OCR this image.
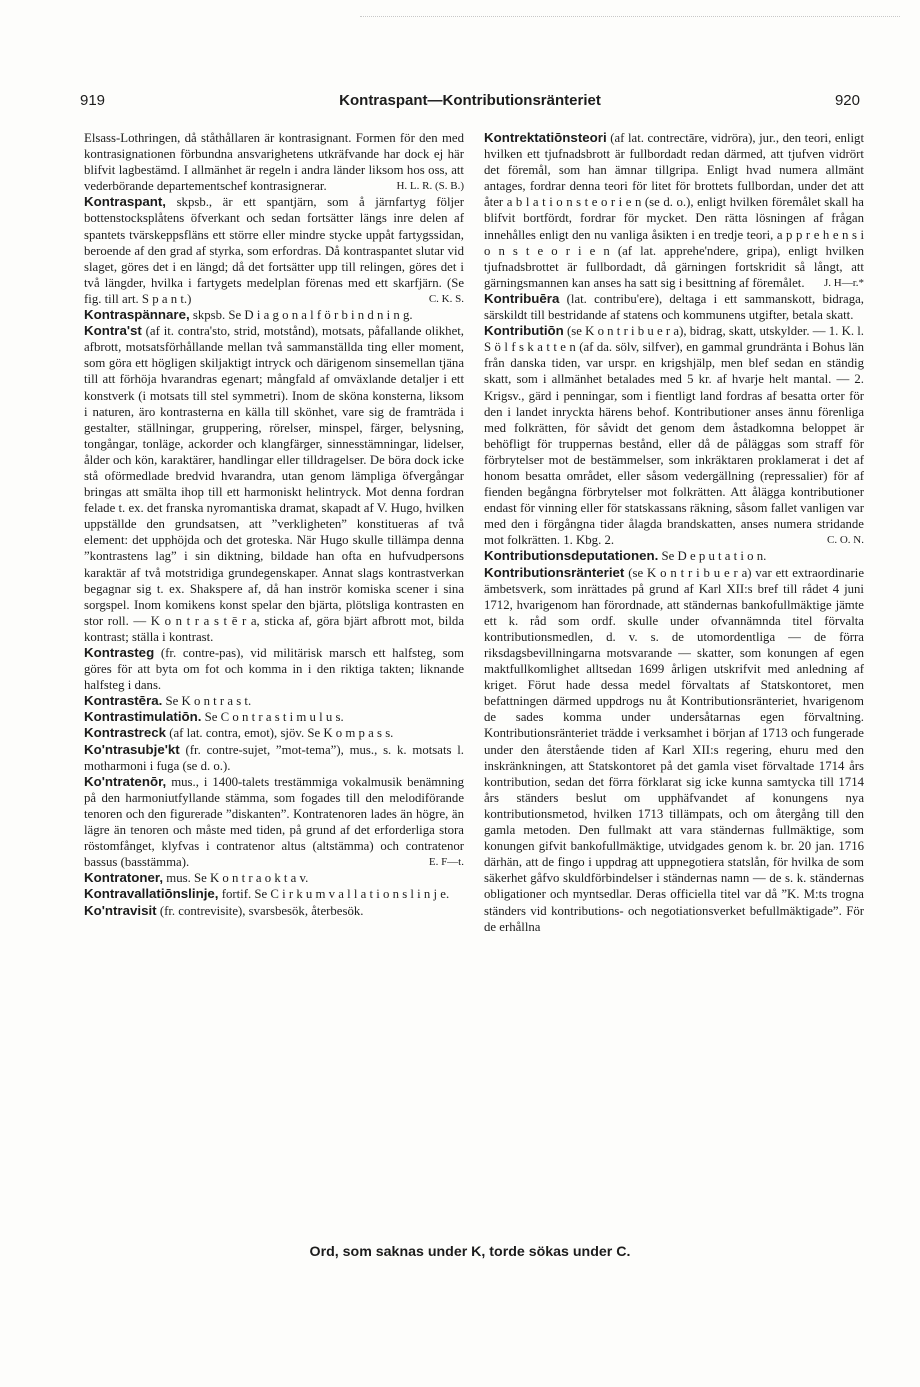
919	Kontraspant—Kontributionsränteriet	920

Elsass-Lothringen, då ståthållaren är kontrasignant. Formen för den med kontrasignationen förbundna ansvarighetens utkräfvande har dock ej här blifvit lagbestämd. I allmänhet är regeln i andra länder liksom hos oss, att vederbörande departementschef kontrasignerar.	H. L. R. (S. B.)

Kontraspant, skpsb., är ett spantjärn, som å järnfartyg följer bottenstocksplåtens öfverkant och sedan fortsätter längs inre delen af spantets tvärskeppsfläns ett större eller mindre stycke uppåt fartygssidan, beroende af den grad af styrka, som erfordras. Då kontraspantet slutar vid slaget, göres det i en längd; då det fortsätter upp till relingen, göres det i två längder, hvilka i fartygets medelplan förenas med ett skarfjärn. (Se fig. till art. S p a n t.)	C. K. S.

Kontraspännare, skpsb. Se D i a g o n a l f ö r b i n d n i n g.

Kontra'st (af it. contra'sto, strid, motstånd), motsats, påfallande olikhet, afbrott, motsatsförhållande mellan två sammanställda ting eller moment, som göra ett högligen skiljaktigt intryck och därigenom sinsemellan tjäna till att förhöja hvarandras egenart; mångfald af omväxlande detaljer i ett konstverk (i motsats till stel symmetri). Inom de sköna konsterna, liksom i naturen, äro kontrasterna en källa till skönhet, vare sig de framträda i gestalter, ställningar, gruppering, rörelser, minspel, färger, belysning, tongångar, tonläge, ackorder och klangfärger, sinnesstämningar, lidelser, ålder och kön, karaktärer, handlingar eller tilldragelser. De böra dock icke stå oförmedlade bredvid hvarandra, utan genom lämpliga öfvergångar bringas att smälta ihop till ett harmoniskt helintryck. Mot denna fordran felade t. ex. det franska nyromantiska dramat, skapadt af V. Hugo, hvilken uppställde den grundsatsen, att ”verkligheten” konstitueras af två element: det upphöjda och det groteska. När Hugo skulle tillämpa denna ”kontrastens lag” i sin diktning, bildade han ofta en hufvudpersons karaktär af två motstridiga grundegenskaper. Annat slags kontrastverkan begagnar sig t. ex. Shakspere af, då han inströr komiska scener i sina sorgspel. Inom komikens konst spelar den bjärta, plötsliga kontrasten en stor roll. — K o n t r a s t ē r a, sticka af, göra bjärt afbrott mot, bilda kontrast; ställa i kontrast.

Kontrasteg (fr. contre-pas), vid militärisk marsch ett halfsteg, som göres för att byta om fot och komma in i den riktiga takten; liknande halfsteg i dans.

Kontrastēra. Se K o n t r a s t.

Kontrastimulatiōn. Se C o n t r a s t i m u l u s.

Kontrastreck (af lat. contra, emot), sjöv. Se K o m p a s s.

Ko'ntrasubje'kt (fr. contre-sujet, ”mot-tema”), mus., s. k. motsats l. motharmoni i fuga (se d. o.).

Ko'ntratenōr, mus., i 1400-talets trestämmiga vokalmusik benämning på den harmoniutfyllande stämma, som fogades till den melodiförande tenoren och den figurerade ”diskanten”. Kontratenoren lades än högre, än lägre än tenoren och måste med tiden, på grund af det erforderliga stora röstomfånget, klyfvas i contratenor altus (altstämma) och contratenor bassus (basstämma).	E. F—t.

Kontratoner, mus. Se K o n t r a o k t a v.

Kontravallatiōnslinje, fortif. Se C i r k u m v a l l a t i o n s l i n j e.

Ko'ntravisit (fr. contrevisite), svarsbesök, återbesök.

Kontrektatiōnsteori (af lat. contrectāre, vidröra), jur., den teori, enligt hvilken ett tjufnadsbrott är fullbordadt redan därmed, att tjufven vidrört det föremål, som han ämnar tillgripa. Enligt hvad numera allmänt antages, fordrar denna teori för litet för brottets fullbordan, under det att åter a b l a t i o n s t e o r i e n (se d. o.), enligt hvilken föremålet skall ha blifvit bortfördt, fordrar för mycket. Den rätta lösningen af frågan innehålles enligt den nu vanliga åsikten i en tredje teori, a p p r e h e n s i o n s t e o r i e n (af lat. apprehe'ndere, gripa), enligt hvilken tjufnadsbrottet är fullbordadt, då gärningen fortskridit så långt, att gärningsmannen kan anses ha satt sig i besittning af föremålet.	J. H—r.*

Kontribuēra (lat. contribu'ere), deltaga i ett sammanskott, bidraga, särskildt till bestridande af statens och kommunens utgifter, betala skatt.

Kontributiōn (se K o n t r i b u e r a), bidrag, skatt, utskylder. — 1. K. l. S ö l f s k a t t e n (af da. sölv, silfver), en gammal grundränta i Bohus län från danska tiden, var urspr. en krigshjälp, men blef sedan en ständig skatt, som i allmänhet betalades med 5 kr. af hvarje helt mantal. — 2. Krigsv., gärd i penningar, som i fientligt land fordras af besatta orter för den i landet inryckta härens behof. Kontributioner anses ännu förenliga med folkrätten, för såvidt det genom dem åstadkomna beloppet är behöfligt för truppernas bestånd, eller då de påläggas som straff för förbrytelser mot de bestämmelser, som inkräktaren proklamerat i det af honom besatta området, eller såsom vedergällning (repressalier) för af fienden begångna förbrytelser mot folkrätten. Att ålägga kontributioner endast för vinning eller för statskassans räkning, såsom fallet vanligen var med den i förgångna tider ålagda brandskatten, anses numera stridande mot folkrätten. 1. Kbg. 2.	C. O. N.

Kontributionsdeputationen. Se D e p u t a t i o n.

Kontributionsränteriet (se K o n t r i b u e r a) var ett extraordinarie ämbetsverk, som inrättades på grund af Karl XII:s bref till rådet 4 juni 1712, hvarigenom han förordnade, att ständernas bankofullmäktige jämte ett k. råd som ordf. skulle under ofvannämnda titel förvalta kontributionsmedlen, d. v. s. de utomordentliga — de förra riksdagsbevillningarna motsvarande — skatter, som konungen af egen maktfullkomlighet alltsedan 1699 årligen utskrifvit med anledning af kriget. Förut hade dessa medel förvaltats af Statskontoret, men befattningen därmed uppdrogs nu åt Kontributionsränteriet, hvarigenom de sades komma under undersåtarnas egen förvaltning. Kontributionsränteriet trädde i verksamhet i början af 1713 och fungerade under den återstående tiden af Karl XII:s regering, ehuru med den inskränkningen, att Statskontoret på det gamla viset förvaltade 1714 års kontribution, sedan det förra förklarat sig icke kunna samtycka till 1714 års ständers beslut om upphäfvandet af konungens nya kontributionsmetod, hvilken 1713 tillämpats, och om återgång till den gamla metoden. Den fullmakt att vara ständernas fullmäktige, som konungen gifvit bankofullmäktige, utvidgades genom k. br. 20 jan. 1716 därhän, att de fingo i uppdrag att uppnegotiera statslån, för hvilka de som säkerhet gåfvo skuldförbindelser i ständernas namn — de s. k. ständernas obligationer och myntsedlar. Deras officiella titel var då ”K. M:ts trogna ständers vid kontributions- och negotiationsverket befullmäktigade”. För de erhållna

Ord, som saknas under K, torde sökas under C.
